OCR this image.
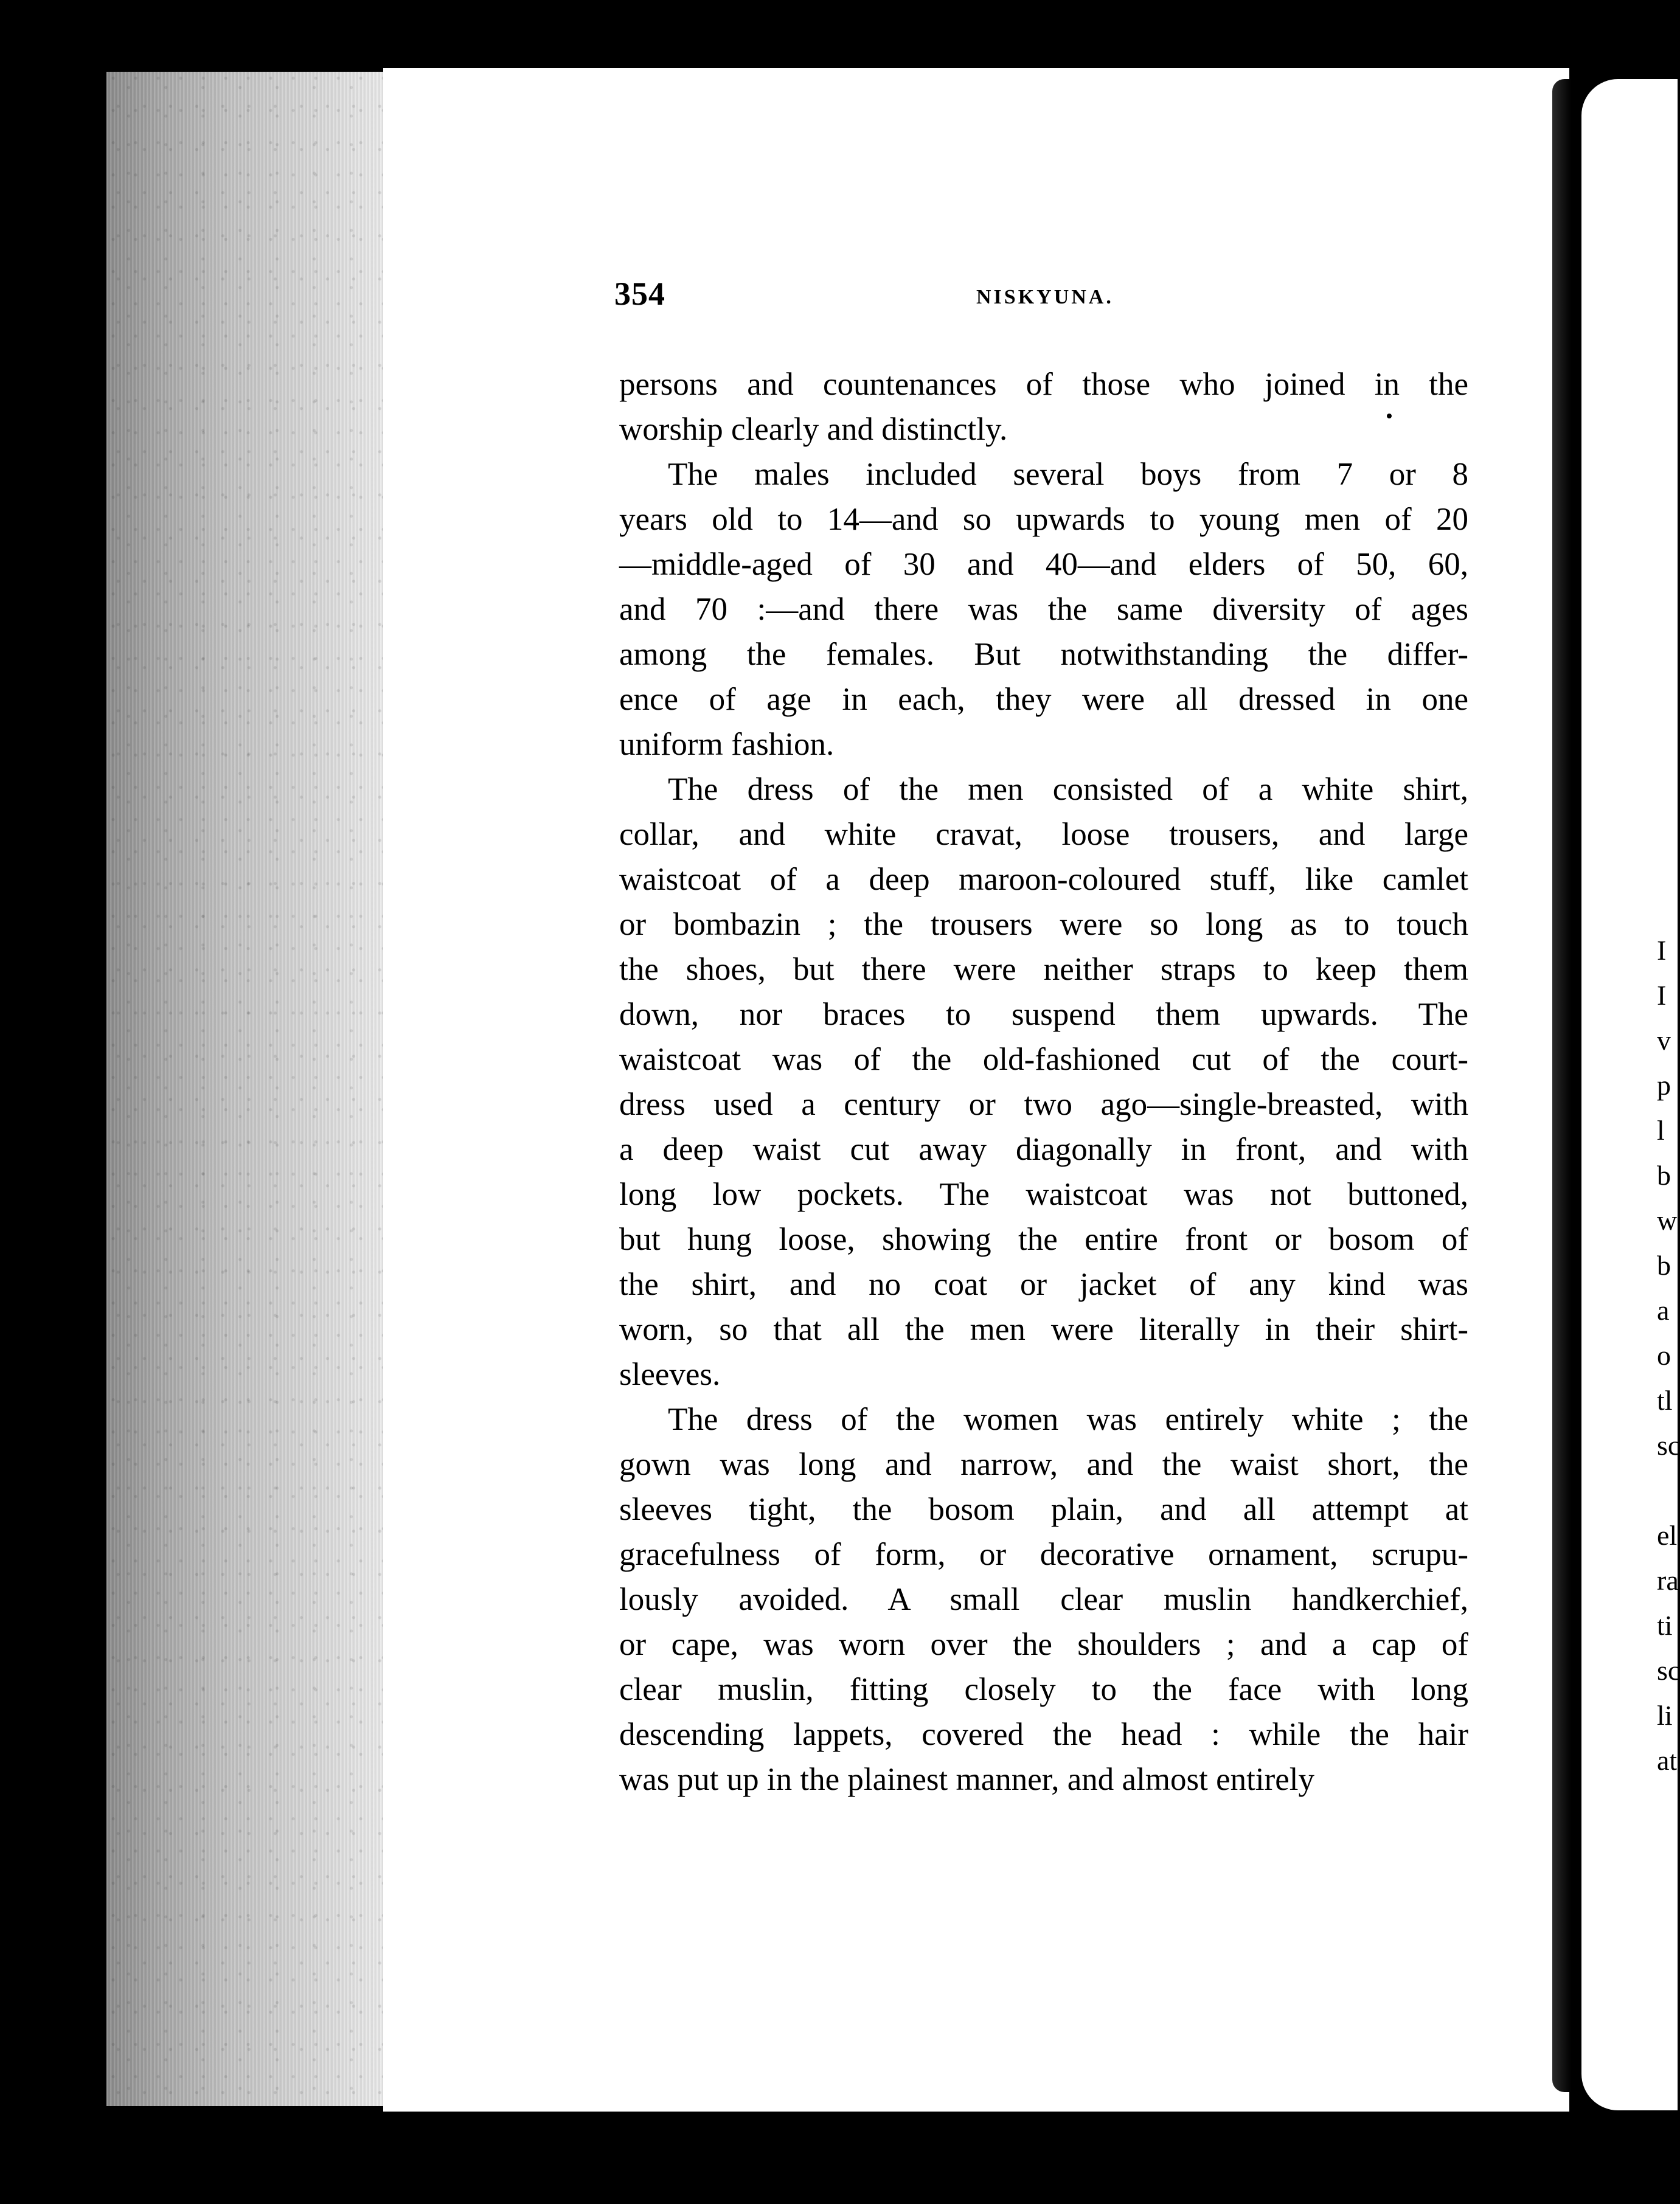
I
I
v
p
l
b
w
b
a
o
tl
sc
el
ra
ti
sc
li
at
354	NISKYUNA.
persons and countenances of those who joined in the
worship clearly and distinctly.
The males included several boys from 7 or 8
years old to 14—and so upwards to young men of 20
—middle-aged of 30 and 40—and elders of 50, 60,
and 70 :—and there was the same diversity of ages
among the females. But notwithstanding the differ-
ence of age in each, they were all dressed in one
uniform fashion.
The dress of the men consisted of a white shirt,
collar, and white cravat, loose trousers, and large
waistcoat of a deep maroon-coloured stuff, like camlet
or bombazin ; the trousers were so long as to touch
the shoes, but there were neither straps to keep them
down, nor braces to suspend them upwards. The
waistcoat was of the old-fashioned cut of the court-
dress used a century or two ago—single-breasted, with
a deep waist cut away diagonally in front, and with
long low pockets. The waistcoat was not buttoned,
but hung loose, showing the entire front or bosom of
the shirt, and no coat or jacket of any kind was
worn, so that all the men were literally in their shirt-
sleeves.
The dress of the women was entirely white ; the
gown was long and narrow, and the waist short, the
sleeves tight, the bosom plain, and all attempt at
gracefulness of form, or decorative ornament, scrupu-
lously avoided. A small clear muslin handkerchief,
or cape, was worn over the shoulders ; and a cap of
clear muslin, fitting closely to the face with long
descending lappets, covered the head : while the hair
was put up in the plainest manner, and almost entirely
